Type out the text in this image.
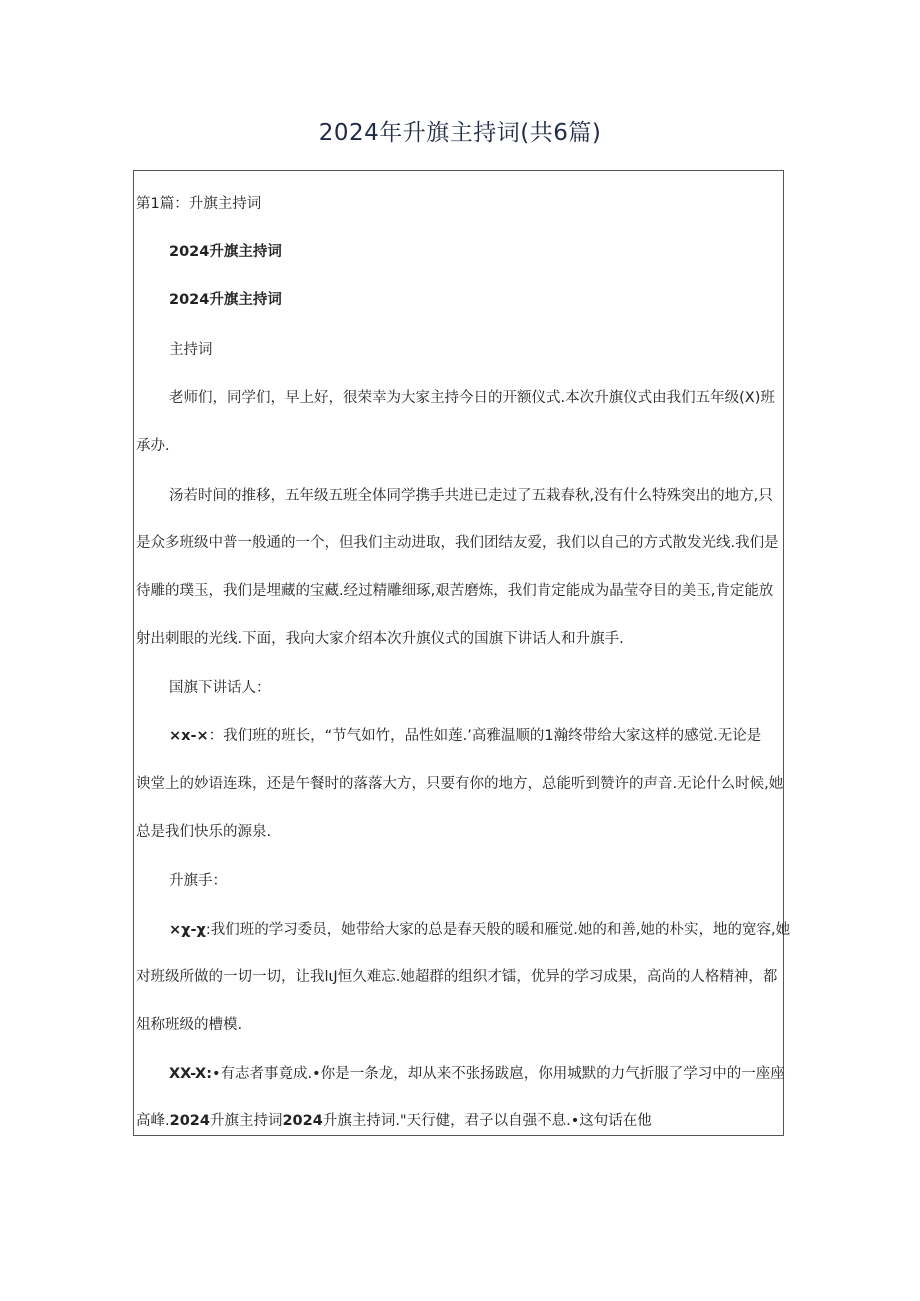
2024年升旗主持词(共6篇)
第1篇：升旗主持词
2024升旗主持词
2024升旗主持词
主持词
老师们，同学们，早上好，很荣幸为大家主持今日的开额仪式.本次升旗仪式由我们五年级(X)班
承办.
汤若时间的推移，五年级五班全体同学携手共进已走过了五栽春秋,没有什么特殊突出的地方,只
是众多班级中普一般通的一个，但我们主动进取，我们团结友爱，我们以自己的方式散发光线.我们是
待雕的璞玉，我们是埋藏的宝藏.经过精雕细琢,艰苦磨炼，我们肯定能成为晶莹夺目的美玉,肯定能放
射出刺眼的光线.下面，我向大家介绍本次升旗仪式的国旗下讲话人和升旗手.
国旗下讲话人：
×x-×：我们班的班长，“节气如竹，品性如莲.’高雅温顺的1瀚终带给大家这样的感觉.无论是
谀堂上的妙语连珠，还是午餐时的落落大方，只要有你的地方，总能听到赞许的声音.无论什么时候,她
总是我们快乐的源泉.
升旗手：
×χ-χ:我们班的学习委员，她带给大家的总是春天般的暖和雁觉.她的和善,她的朴实，地的宽容,她
对班级所做的一切一切，让我lιJ恒久难忘.她超群的组织才镭，优异的学习成果，高尚的人格精神，都
俎称班级的槽模.
XX-X:•有志者事竟成.•你是一条龙，却从来不张扬跋扈，你用城默的力气折服了学习中的一座座
高峰.2024升旗主持词2024升旗主持词."天行健，君子以自强不息.•这句话在他
